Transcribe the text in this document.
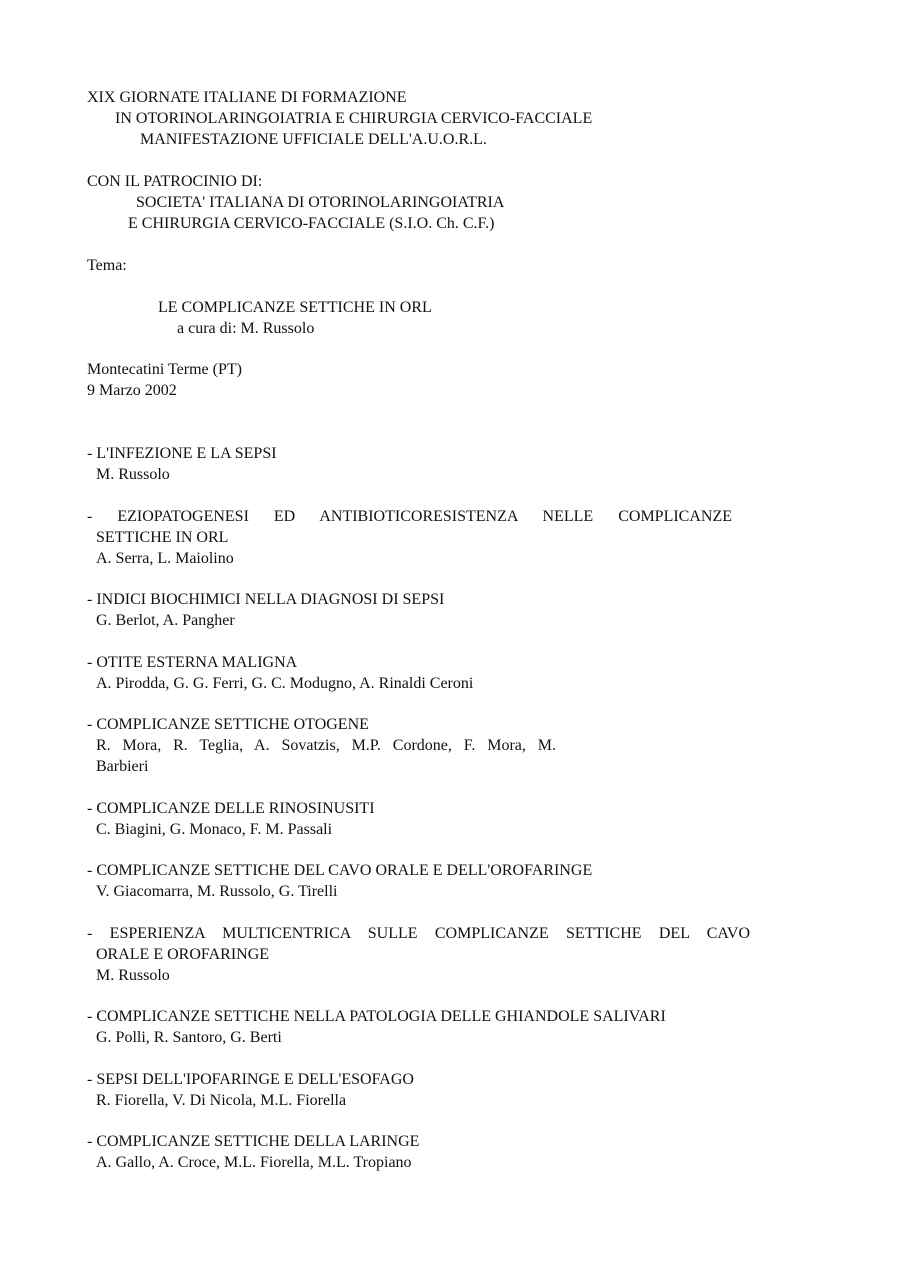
XIX GIORNATE ITALIANE DI FORMAZIONE
IN OTORINOLARINGOIATRIA E CHIRURGIA CERVICO-FACCIALE
MANIFESTAZIONE UFFICIALE DELL'A.U.O.R.L.
CON IL PATROCINIO DI:
SOCIETA' ITALIANA DI OTORINOLARINGOIATRIA
E CHIRURGIA CERVICO-FACCIALE (S.I.O. Ch. C.F.)
Tema:
LE COMPLICANZE SETTICHE IN ORL
a cura di: M. Russolo
Montecatini Terme (PT)
9 Marzo 2002
- L'INFEZIONE E LA SEPSI
M. Russolo
- EZIOPATOGENESI ED ANTIBIOTICORESISTENZA NELLE COMPLICANZE
SETTICHE IN ORL
A. Serra, L. Maiolino
- INDICI BIOCHIMICI NELLA DIAGNOSI DI SEPSI
G. Berlot, A. Pangher
- OTITE ESTERNA MALIGNA
A. Pirodda, G. G. Ferri, G. C. Modugno, A. Rinaldi Ceroni
- COMPLICANZE SETTICHE OTOGENE
R. Mora, R. Teglia, A. Sovatzis, M.P. Cordone, F. Mora, M.
Barbieri
- COMPLICANZE DELLE RINOSINUSITI
C. Biagini, G. Monaco, F. M. Passali
- COMPLICANZE SETTICHE DEL CAVO ORALE E DELL'OROFARINGE
V. Giacomarra, M. Russolo, G. Tirelli
- ESPERIENZA MULTICENTRICA SULLE COMPLICANZE SETTICHE DEL CAVO
ORALE E OROFARINGE
M. Russolo
- COMPLICANZE SETTICHE NELLA PATOLOGIA DELLE GHIANDOLE SALIVARI
G. Polli, R. Santoro, G. Berti
- SEPSI DELL'IPOFARINGE E DELL'ESOFAGO
R. Fiorella, V. Di Nicola, M.L. Fiorella
- COMPLICANZE SETTICHE DELLA LARINGE
A. Gallo, A. Croce, M.L. Fiorella, M.L. Tropiano
